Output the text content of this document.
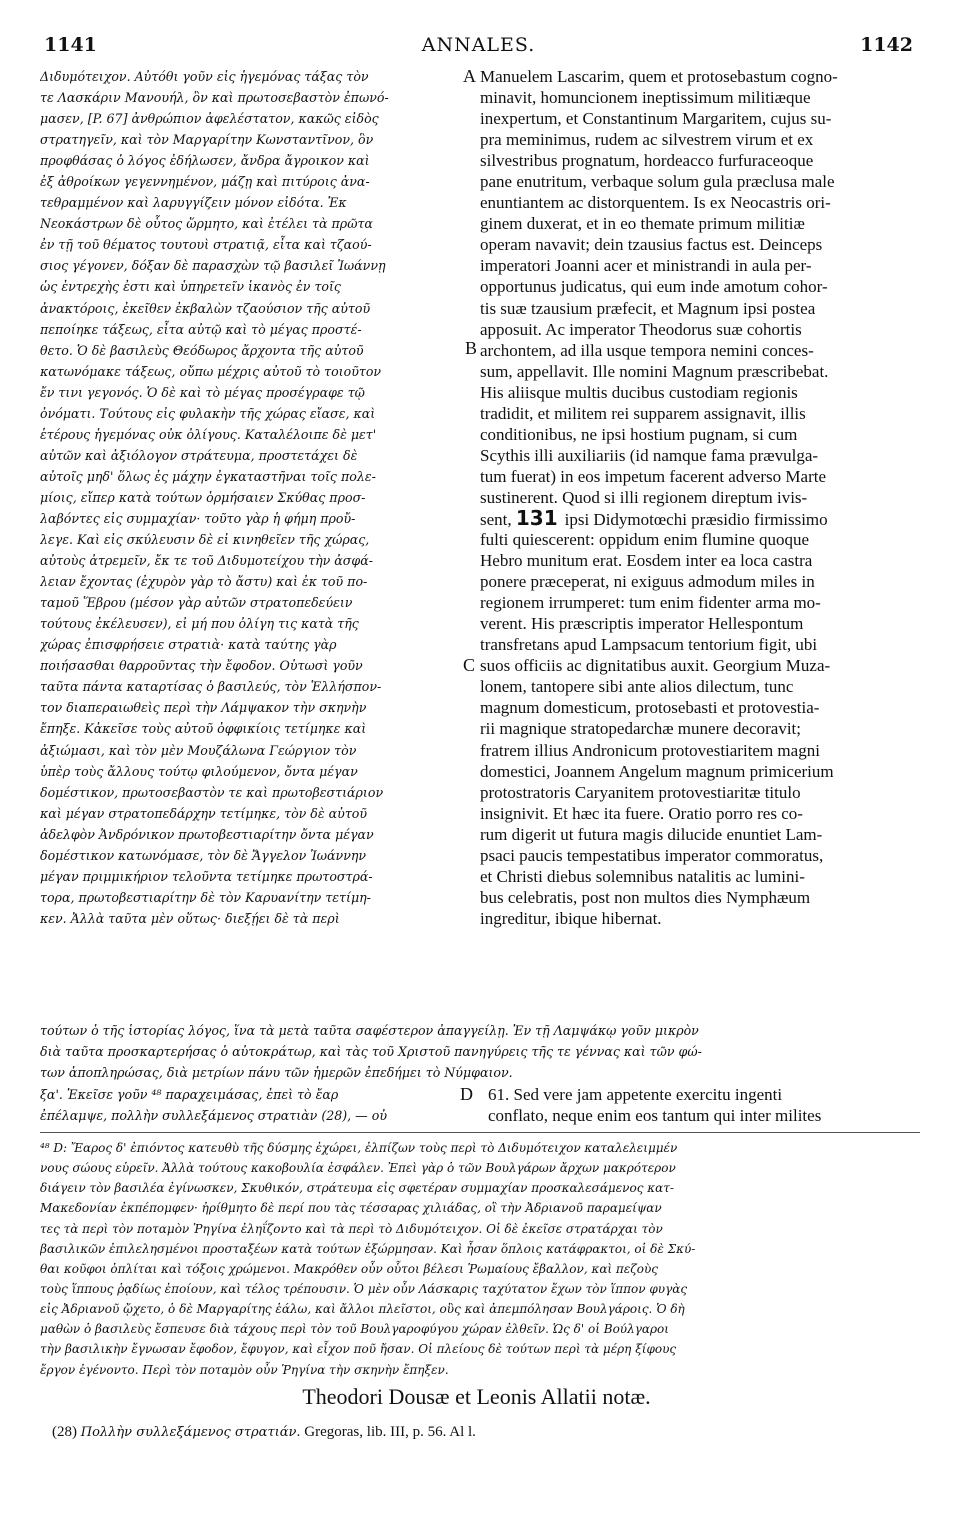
1141	ANNALES.	1142
Διδυμότειχον. Αὐτόθι γοῦν εἰς ἡγεμόνας τάξας τὸν
τε Λασκάριν Μανουήλ, ὃν καὶ πρωτοσεβαστὸν ἐπωνό-
μασεν, [P. 67] ἀνθρώπιον ἀφελέστατον, κακῶς εἰδὸς
στρατηγεῖν, καὶ τὸν Μαργαρίτην Κωνσταντῖνον, ὃν
προφθάσας ὁ λόγος ἐδήλωσεν, ἄνδρα ἄγροικον καὶ
ἐξ ἀθροίκων γεγεννημένον, μάζῃ καὶ πιτύροις ἀνα-
τεθραμμένον καὶ λαρυγγίζειν μόνον εἰδότα. Ἐκ
Νεοκάστρων δὲ οὗτος ὥρμητο, καὶ ἐτέλει τὰ πρῶτα
ἐν τῇ τοῦ θέματος τουτουὶ στρατιᾷ, εἶτα καὶ τζαού-
σιος γέγονεν, δόξαν δὲ παρασχὼν τῷ βασιλεῖ Ἰωάννῃ
ὡς ἐντρεχὴς ἐστι καὶ ὑπηρετεῖν ἱκανὸς ἐν τοῖς
ἀνακτόροις, ἐκεῖθεν ἐκβαλὼν τζαούσιον τῆς αὐτοῦ
πεποίηκε τάξεως, εἶτα αὐτῷ καὶ τὸ μέγας προστέ-
θετο. Ὁ δὲ βασιλεὺς Θεόδωρος ἄρχοντα τῆς αὐτοῦ
κατωνόμακε τάξεως, οὔπω μέχρις αὐτοῦ τὸ τοιοῦτον
ἔν τινι γεγονός. Ὁ δὲ καὶ τὸ μέγας προσέγραφε τῷ
ὀνόματι. Τούτους εἰς φυλακὴν τῆς χώρας εἴασε, καὶ
ἑτέρους ἡγεμόνας οὐκ ὀλίγους. Καταλέλοιπε δὲ μετ'
αὐτῶν καὶ ἀξιόλογον στράτευμα, προστετάχει δὲ
αὐτοῖς μηδ' ὅλως ἐς μάχην ἐγκαταστῆναι τοῖς πολε-
μίοις, εἴπερ κατὰ τούτων ὁρμήσαιεν Σκύθας προσ-
λαβόντες εἰς συμμαχίαν· τοῦτο γὰρ ἡ φήμη προὔ-
λεγε. Καὶ εἰς σκύλευσιν δὲ εἰ κινηθεῖεν τῆς χώρας,
αὐτοὺς ἀτρεμεῖν, ἔκ τε τοῦ Διδυμοτείχου τὴν ἀσφά-
λειαν ἔχοντας (ἐχυρὸν γὰρ τὸ ἄστυ) καὶ ἐκ τοῦ πο-
ταμοῦ Ἕβρου (μέσον γὰρ αὐτῶν στρατοπεδεύειν
τούτους ἐκέλευσεν), εἰ μή που ὀλίγη τις κατὰ τῆς
χώρας ἐπισφρήσειε στρατιὰ· κατὰ ταύτης γὰρ
ποιήσασθαι θαρροῦντας τὴν ἔφοδον. Οὑτωσὶ γοῦν
ταῦτα πάντα καταρτίσας ὁ βασιλεύς, τὸν Ἑλλήσπον-
τον διαπεραιωθεὶς περὶ τὴν Λάμψακον τὴν σκηνὴν
ἔπηξε. Κἀκεῖσε τοὺς αὐτοῦ ὀφφικίοις τετίμηκε καὶ
ἀξιώμασι, καὶ τὸν μὲν Μουζάλωνα Γεώργιον τὸν
ὑπὲρ τοὺς ἄλλους τούτῳ φιλούμενον, ὄντα μέγαν
δομέστικον, πρωτοσεβαστὸν τε καὶ πρωτοβεστιάριον
καὶ μέγαν στρατοπεδάρχην τετίμηκε, τὸν δὲ αὐτοῦ
ἀδελφὸν Ἀνδρόνικον πρωτοβεστιαρίτην ὄντα μέγαν
δομέστικον κατωνόμασε, τὸν δὲ Ἄγγελον Ἰωάννην
μέγαν πριμμικήριον τελοῦντα τετίμηκε πρωτοστρά-
τορα, πρωτοβεστιαρίτην δὲ τὸν Καρυανίτην τετίμη-
κεν. Ἀλλὰ ταῦτα μὲν οὕτως· διεξῄει δὲ τὰ περὶ
Manuelem Lascarim, quem et protosebastum cogno-
minavit, homuncionem ineptissimum militiæque
inexpertum, et Constantinum Margaritem, cujus su-
pra meminimus, rudem ac silvestrem virum et ex
silvestribus prognatum, hordeacco furfuraceoque
pane enutritum, verbaque solum gula præclusa male
enuntiantem ac distorquentem. Is ex Neocastris ori-
ginem duxerat, et in eo themate primum militiæ
operam navavit; dein tzausius factus est. Deinceps
imperatori Joanni acer et ministrandi in aula per-
opportunus judicatus, qui eum inde amotum cohor-
tis suæ tzausium præfecit, et Magnum ipsi postea
apposuit. Ac imperator Theodorus suæ cohortis
archontem, ad illa usque tempora nemini conces-
sum, appellavit. Ille nomini Magnum præscribebat.
His aliisque multis ducibus custodiam regionis
tradidit, et militem rei supparem assignavit, illis
conditionibus, ne ipsi hostium pugnam, si cum
Scythis illi auxiliariis (id namque fama prævulga-
tum fuerat) in eos impetum facerent adverso Marte
sustinerent. Quod si illi regionem direptum ivis-
sent, 131 ipsi Didymotœchi præsidio firmissimo
fulti quiescerent: oppidum enim flumine quoque
Hebro munitum erat. Eosdem inter ea loca castra
ponere præceperat, ni exiguus admodum miles in
regionem irrumperet: tum enim fidenter arma mo-
verent. His præscriptis imperator Hellespontum
transfretans apud Lampsacum tentorium figit, ubi
suos officiis ac dignitatibus auxit. Georgium Muza-
lonem, tantopere sibi ante alios dilectum, tunc
magnum domesticum, protosebasti et protovestia-
rii magnique stratopedarchæ munere decoravit;
fratrem illius Andronicum protovestiaritem magni
domestici, Joannem Angelum magnum primicerium
protostratoris Caryanitem protovestiaritæ titulo
insignivit. Et hæc ita fuere. Oratio porro res co-
rum digerit ut futura magis dilucide enuntiet Lam-
psaci paucis tempestatibus imperator commoratus,
et Christi diebus solemnibus natalitis ac lumini-
bus celebratis, post non multos dies Nymphæum
ingreditur, ibique hibernat.
A
B
C
τούτων ὁ τῆς ἱστορίας λόγος, ἵνα τὰ μετὰ ταῦτα σαφέστερον ἀπαγγείλῃ. Ἐν τῇ Λαμψάκῳ γοῦν μικρὸν
διὰ ταῦτα προσκαρτερήσας ὁ αὐτοκράτωρ, καὶ τὰς τοῦ Χριστοῦ πανηγύρεις τῆς τε γέννας καὶ τῶν φώ-
των ἀποπληρώσας, διὰ μετρίων πάνυ τῶν ἡμερῶν ἐπεδήμει τὸ Νύμφαιον.
ξα'. Ἐκεῖσε γοῦν ⁴⁸ παραχειμάσας, ἐπεὶ τὸ ἔαρ
ἐπέλαμψε, πολλὴν συλλεξάμενος στρατιὰν (28), — οὐ
D 61. Sed vere jam appetente exercitu ingenti
conflato, neque enim eos tantum qui inter milites
⁴⁸ D: Ἔαρος δ' ἐπιόντος κατευθὺ τῆς δύσμης ἐχώρει, ἐλπίζων τοὺς περὶ τὸ Διδυμότειχον καταλελειμμέν
νους σώους εὑρεῖν. Ἀλλὰ τούτους κακοβουλία ἐσφάλεν. Ἐπεὶ γὰρ ὁ τῶν Βουλγάρων ἄρχων μακρότερον
διάγειν τὸν βασιλέα ἐγίνωσκεν, Σκυθικόν, στράτευμα εἰς σφετέραν συμμαχίαν προσκαλεσάμενος κατ-
Μακεδονίαν ἐκπέπομφεν· ἠρίθμητο δὲ περί που τὰς τέσσαρας χιλιάδας, οἳ τὴν Ἀδριανοῦ παραμείψαν
τες τὰ περὶ τὸν ποταμὸν Ῥηγίνα ἐληΐζοντο καὶ τὰ περὶ τὸ Διδυμότειχον. Οἱ δὲ ἐκεῖσε στρατάρχαι τὸν
βασιλικῶν ἐπιλελησμένοι προσταξέων κατὰ τούτων ἐξώρμησαν. Καὶ ἦσαν ὅπλοις κατάφρακτοι, οἱ δὲ Σκύ-
θαι κοῦφοι ὁπλίται καὶ τόξοις χρώμενοι. Μακρόθεν οὖν οὗτοι βέλεσι Ῥωμαίους ἔβαλλον, καὶ πεζοὺς
τοὺς ἵππους ῥᾳδίως ἐποίουν, καὶ τέλος τρέπουσιν. Ὁ μὲν οὖν Λάσκαρις ταχύτατον ἔχων τὸν ἵππον φυγὰς
εἰς Ἀδριανοῦ ᾤχετο, ὁ δὲ Μαργαρίτης ἑάλω, καὶ ἄλλοι πλεῖστοι, οὓς καὶ ἀπεμπόλησαν Βουλγάροις. Ὁ δὴ
μαθὼν ὁ βασιλεὺς ἔσπευσε διὰ τάχους περὶ τὸν τοῦ Βουλγαροφύγου χώραν ἐλθεῖν. Ὡς δ' οἱ Βούλγαροι
τὴν βασιλικὴν ἔγνωσαν ἔφοδον, ἔφυγον, καὶ εἶχον ποῦ ἤσαν. Οἱ πλείους δὲ τούτων περὶ τὰ μέρη ξίφους
ἔργον ἐγένοντο. Περὶ τὸν ποταμὸν οὖν Ῥηγίνα τὴν σκηνὴν ἔπηξεν.
Theodori Dousæ et Leonis Allatii notæ.
(28) Πολλὴν συλλεξάμενος στρατιάν. Gregoras, lib. III, p. 56. Al l.
